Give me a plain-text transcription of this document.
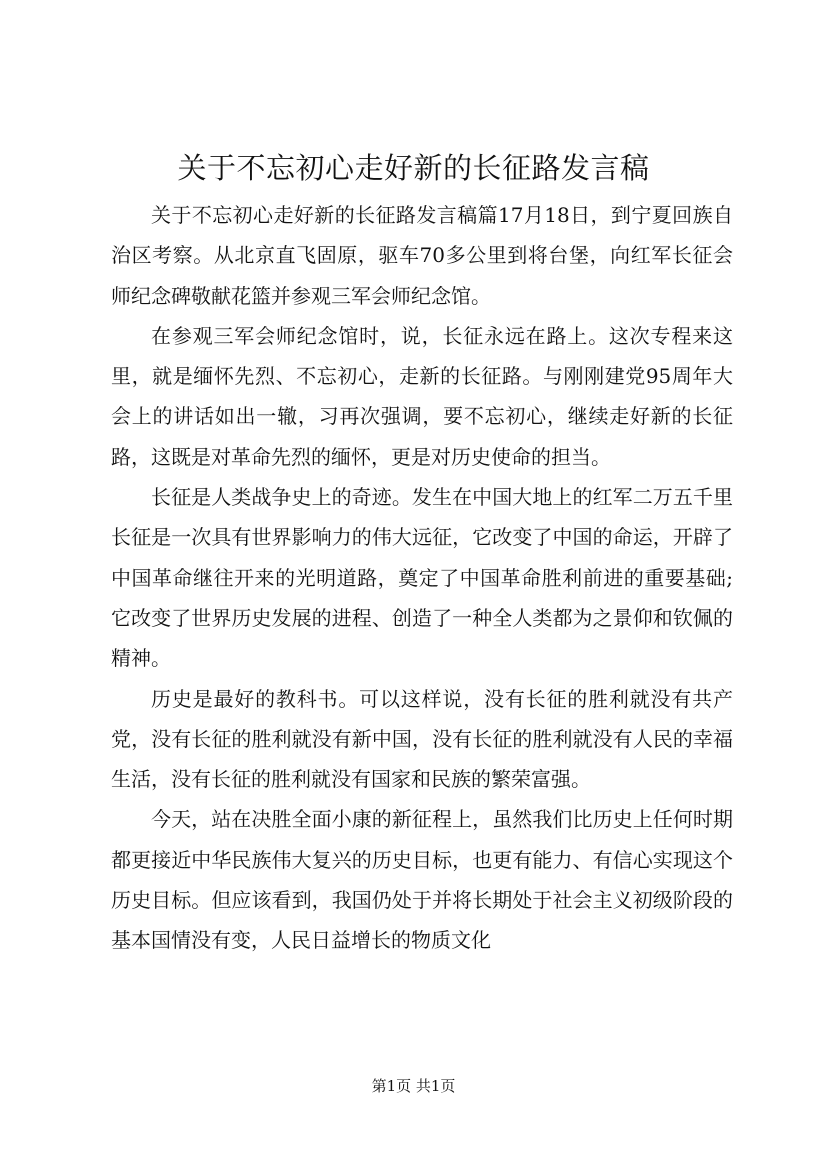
关于不忘初心走好新的长征路发言稿

关于不忘初心走好新的长征路发言稿篇17月18日，到宁夏回族自治区考察。从北京直飞固原，驱车70多公里到将台堡，向红军长征会师纪念碑敬献花篮并参观三军会师纪念馆。

在参观三军会师纪念馆时，说，长征永远在路上。这次专程来这里，就是缅怀先烈、不忘初心，走新的长征路。与刚刚建党95周年大会上的讲话如出一辙，习再次强调，要不忘初心，继续走好新的长征路，这既是对革命先烈的缅怀，更是对历史使命的担当。

长征是人类战争史上的奇迹。发生在中国大地上的红军二万五千里长征是一次具有世界影响力的伟大远征，它改变了中国的命运，开辟了中国革命继往开来的光明道路，奠定了中国革命胜利前进的重要基础;它改变了世界历史发展的进程、创造了一种全人类都为之景仰和钦佩的精神。

历史是最好的教科书。可以这样说，没有长征的胜利就没有共产党，没有长征的胜利就没有新中国，没有长征的胜利就没有人民的幸福生活，没有长征的胜利就没有国家和民族的繁荣富强。

今天，站在决胜全面小康的新征程上，虽然我们比历史上任何时期都更接近中华民族伟大复兴的历史目标，也更有能力、有信心实现这个历史目标。但应该看到，我国仍处于并将长期处于社会主义初级阶段的基本国情没有变，人民日益增长的物质文化

第1页 共1页
